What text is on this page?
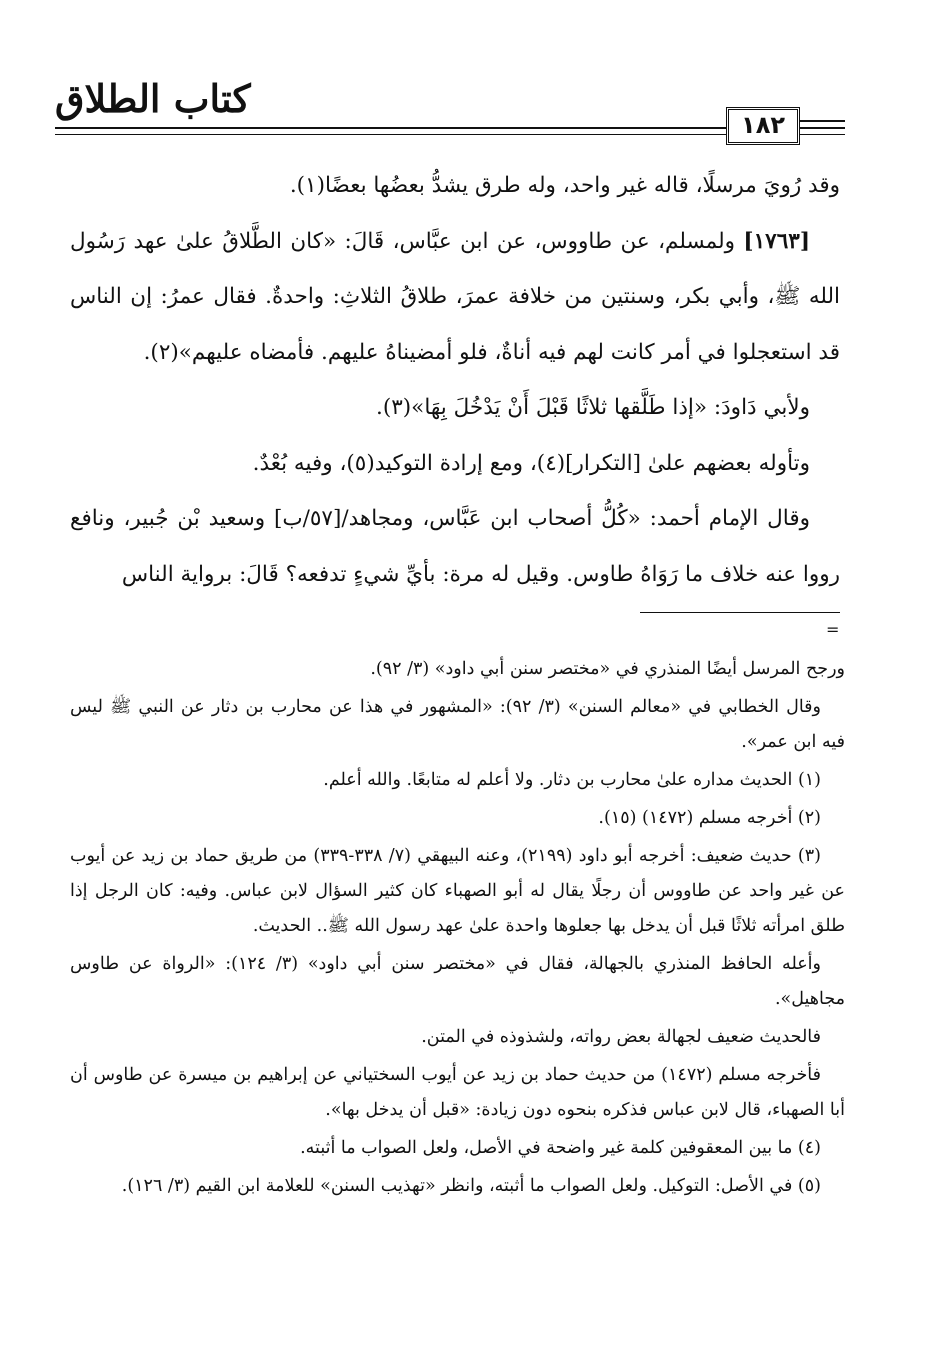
كتاب الطلاق
١٨٢

وقد رُويَ مرسلًا، قاله غير واحد، وله طرق يشدُّ بعضُها بعضًا(١).

[١٧٦٣] ولمسلم، عن طاووس، عن ابن عبَّاس، قَالَ: «كان الطَّلاقُ علىٰ عهد رَسُول الله ﷺ، وأبي بكر، وسنتين من خلافة عمرَ، طلاقُ الثلاثِ: واحدةٌ. فقال عمرُ: إن الناس قد استعجلوا في أمر كانت لهم فيه أناةٌ، فلو أمضيناهُ عليهم. فأمضاه عليهم»(٢).

ولأبي دَاودَ: «إذا طَلَّقها ثلاثًا قَبْلَ أَنْ يَدْخُلَ بِهَا»(٣).

وتأوله بعضهم علىٰ [التكرار](٤)، ومع إرادة التوكيد(٥)، وفيه بُعْدٌ.

وقال الإمام أحمد: «كُلُّ أصحاب ابن عَبَّاس، ومجاهد/[٥٧/ب] وسعيد بْن جُبير، ونافع رووا عنه خلاف ما رَوَاهُ طاوس. وقيل له مرة: بأيِّ شيءٍ تدفعه؟ قَالَ: برواية الناس

=

ورجح المرسل أيضًا المنذري في «مختصر سنن أبي داود» (٣/ ٩٢).

وقال الخطابي في «معالم السنن» (٣/ ٩٢): «المشهور في هذا عن محارب بن دثار عن النبي ﷺ ليس فيه ابن عمر».

(١) الحديث مداره علىٰ محارب بن دثار. ولا أعلم له متابعًا. والله أعلم.

(٢) أخرجه مسلم (١٤٧٢) (١٥).

(٣) حديث ضعيف: أخرجه أبو داود (٢١٩٩)، وعنه البيهقي (٧/ ٣٣٨-٣٣٩) من طريق حماد بن زيد عن أيوب عن غير واحد عن طاووس أن رجلًا يقال له أبو الصهباء كان كثير السؤال لابن عباس. وفيه: كان الرجل إذا طلق امرأته ثلاثًا قبل أن يدخل بها جعلوها واحدة علىٰ عهد رسول الله ﷺ.. الحديث.

وأعله الحافظ المنذري بالجهالة، فقال في «مختصر سنن أبي داود» (٣/ ١٢٤): «الرواة عن طاوس مجاهيل».

فالحديث ضعيف لجهالة بعض رواته، ولشذوذه في المتن.

فأخرجه مسلم (١٤٧٢) من حديث حماد بن زيد عن أيوب السختياني عن إبراهيم بن ميسرة عن طاوس أن أبا الصهباء، قال لابن عباس فذكره بنحوه دون زيادة: «قبل أن يدخل بها».

(٤) ما بين المعقوفين كلمة غير واضحة في الأصل، ولعل الصواب ما أثبته.

(٥) في الأصل: التوكيل. ولعل الصواب ما أثبته، وانظر «تهذيب السنن» للعلامة ابن القيم (٣/ ١٢٦).
